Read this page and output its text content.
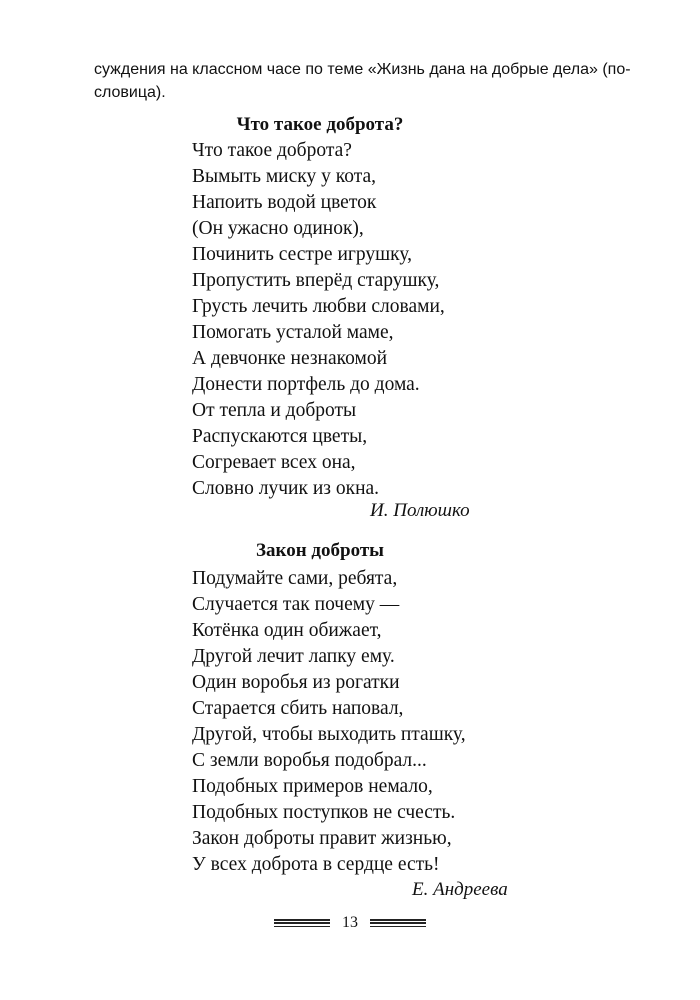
суждения на классном часе по теме «Жизнь дана на добрые дела» (по-

словица).

Что такое доброта?
Что такое доброта?
Вымыть миску у кота,
Напоить водой цветок
(Он ужасно одинок),
Починить сестре игрушку,
Пропустить вперёд старушку,
Грусть лечить любви словами,
Помогать усталой маме,
А девчонке незнакомой
Донести портфель до дома.
От тепла и доброты
Распускаются цветы,
Согревает всех она,
Словно лучик из окна.
И. Полюшко
Закон доброты
Подумайте сами, ребята,
Случается так почему —
Котёнка один обижает,
Другой лечит лапку ему.
Один воробья из рогатки
Старается сбить наповал,
Другой, чтобы выходить пташку,
С земли воробья подобрал...
Подобных примеров немало,
Подобных поступков не счесть.
Закон доброты правит жизнью,
У всех доброта в сердце есть!
Е. Андреева
13
